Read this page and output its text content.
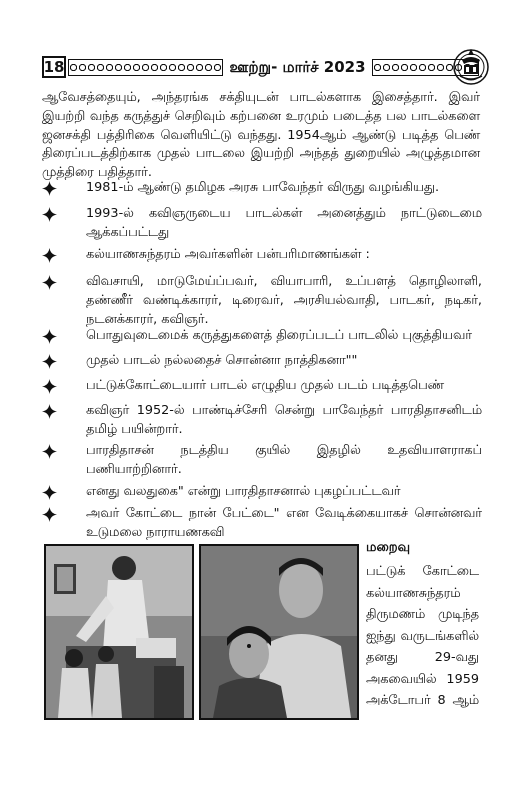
18	ஊற்று- மார்ச் 2023
ஆவேசத்தையும், அந்தரங்க சக்தியுடன் பாடல்களாக இசைத்தார். இவர் இயற்றி வந்த கருத்துச் செறிவும் கற்பனை உரமும் படைத்த பல பாடல்களை ஜனசக்தி பத்திரிகை வெளியிட்டு வந்தது. 1954ஆம் ஆண்டு படித்த பெண் திரைப்படத்திற்காக முதல் பாடலை இயற்றி அந்தத் துறையில் அழுத்தமான முத்திரை பதித்தார்.
1981-ம் ஆண்டு தமிழக அரசு பாவேந்தர் விருது வழங்கியது.
1993-ல் கவிஞருடைய பாடல்கள் அனைத்தும் நாட்டுடைமை ஆக்கப்பட்டது
கல்யாணசுந்தரம் அவர்களின் பன்பரிமாணங்கள் :
விவசாயி, மாடுமேய்ப்பவர், வியாபாரி, உப்பளத் தொழிலாளி, தண்ணீர் வண்டிக்காரர், டிரைவர், அரசியல்வாதி, பாடகர், நடிகர், நடனக்காரர், கவிஞர்.
பொதுவுடைமைக் கருத்துகளைத் திரைப்படப் பாடலில் புகுத்தியவர்
முதல் பாடல் நல்லதைச் சொன்னா நாத்திகனா""
பட்டுக்கோட்டையார் பாடல் எழுதிய முதல் படம் படித்தபெண்
கவிஞர் 1952-ல் பாண்டிச்சேரி சென்று பாவேந்தர் பாரதிதாசனிடம் தமிழ் பயின்றார்.
பாரதிதாசன் நடத்திய குயில் இதழில் உதவியாளராகப் பணியாற்றினார்.
எனது வலதுகை" என்று பாரதிதாசனால் புகழப்பட்டவர்
அவர் கோட்டை நான் பேட்டை" என வேடிக்கையாகச் சொன்னவர் உடுமலை நாராயணகவி
மறைவு
பட்டுக் கோட்டை கல்யாணசுந்தரம் திருமணம் முடிந்த ஐந்து வருடங்களில் தனது 29-வது அகவையில் 1959 அக்டோபர் 8 ஆம்
